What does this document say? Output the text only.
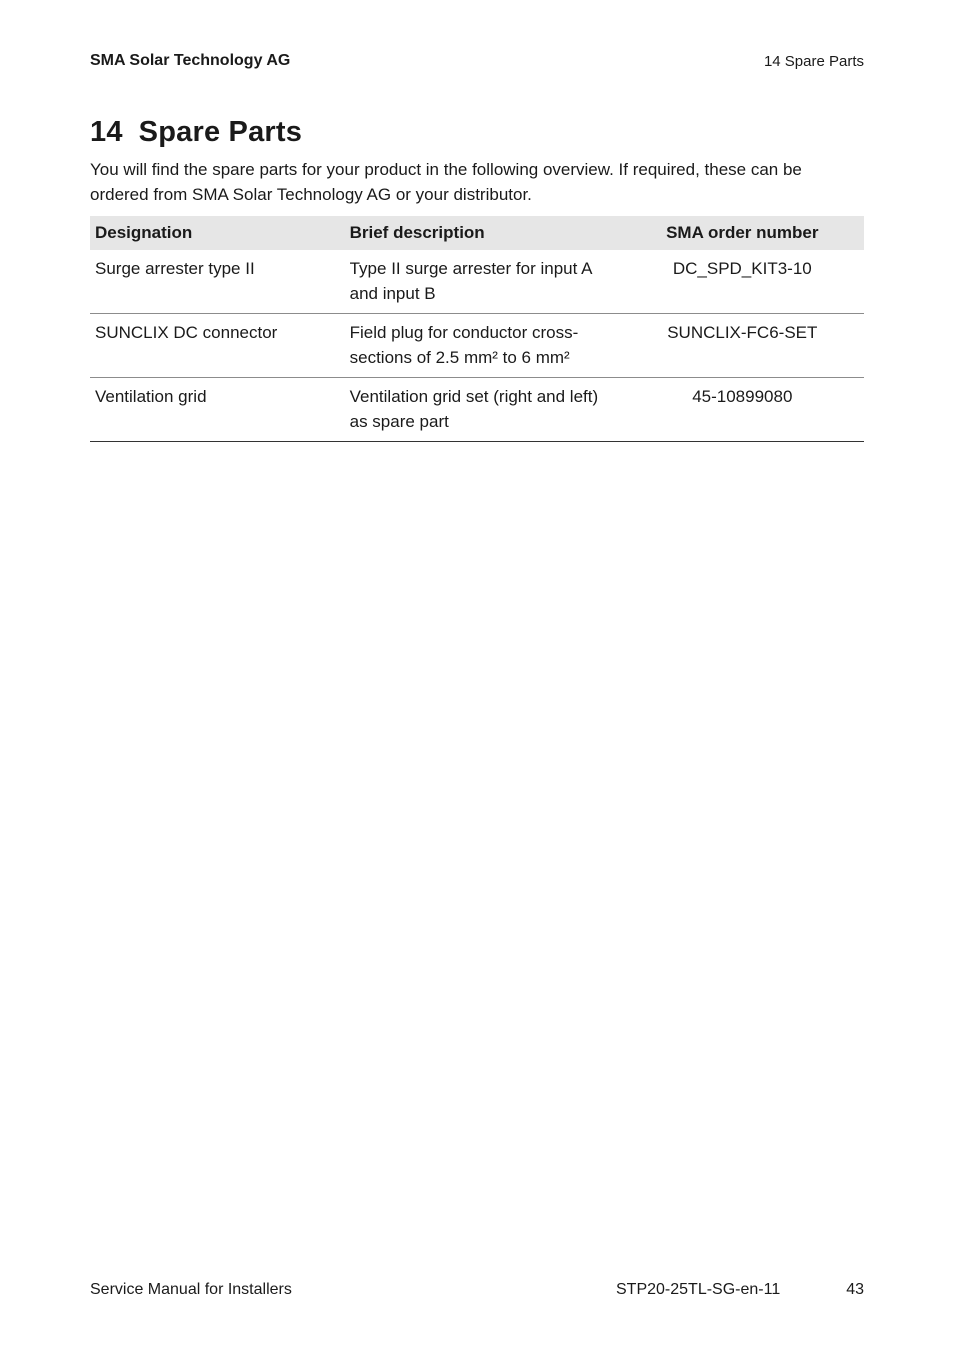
SMA Solar Technology AG	14 Spare Parts
14 Spare Parts

You will find the spare parts for your product in the following overview. If required, these can be ordered from SMA Solar Technology AG or your distributor.

Designation	Brief description	SMA order number
Surge arrester type II	Type II surge arrester for input A and input B	DC_SPD_KIT3-10
SUNCLIX DC connector	Field plug for conductor cross-sections of 2.5 mm² to 6 mm²	SUNCLIX-FC6-SET
Ventilation grid	Ventilation grid set (right and left) as spare part	45-10899080
Service Manual for Installers	STP20-25TL-SG-en-11	43
